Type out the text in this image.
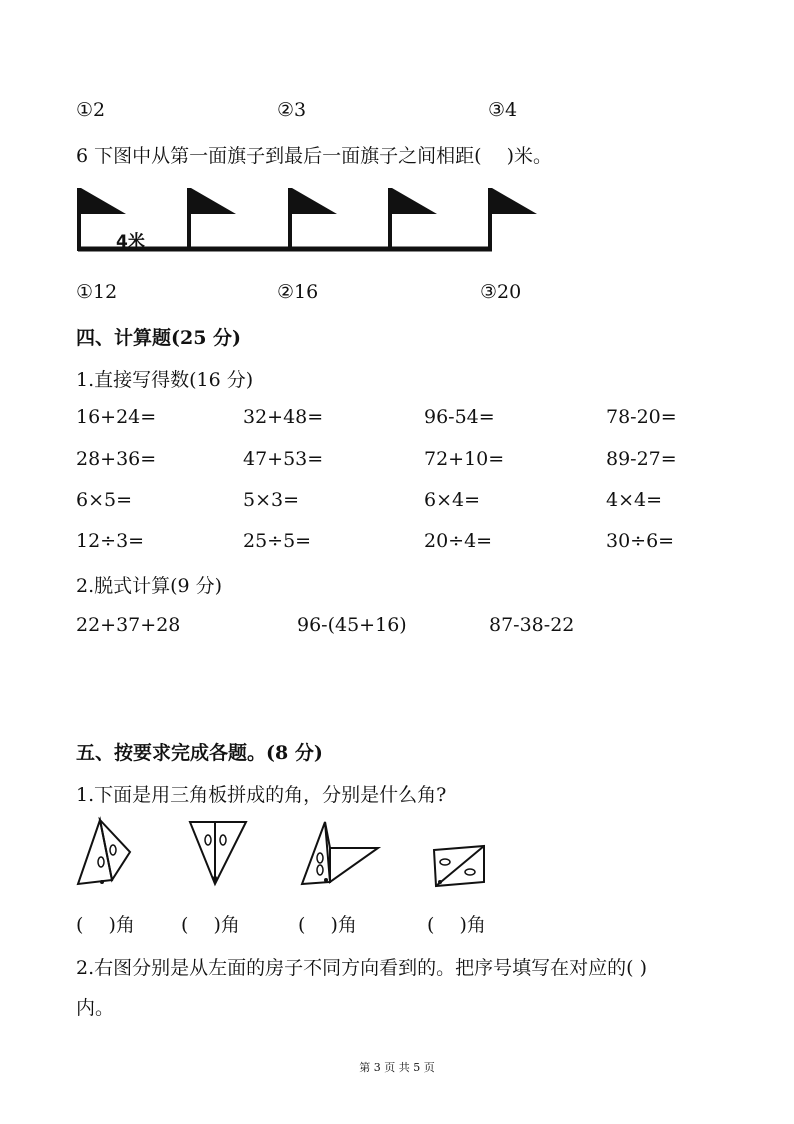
①2	②3	③4
6 下图中从第一面旗子到最后一面旗子之间相距(　 )米。
4米
①12	②16	③20
四、计算题(25 分)
1.直接写得数(16 分)
16+24=	32+48=	96-54=	78-20=
28+36=	47+53=	72+10=	89-27=
6×5=	5×3=	6×4=	4×4=
12÷3=	25÷5=	20÷4=	30÷6=
2.脱式计算(9 分)
22+37+28	96-(45+16)	87-38-22
五、按要求完成各题。(8 分)
1.下面是用三角板拼成的角，分别是什么角?
(　 )角 (　 )角	(　 )角	(　 )角
2.右图分别是从左面的房子不同方向看到的。把序号填写在对应的( )
内。
第 3 页 共 5 页
